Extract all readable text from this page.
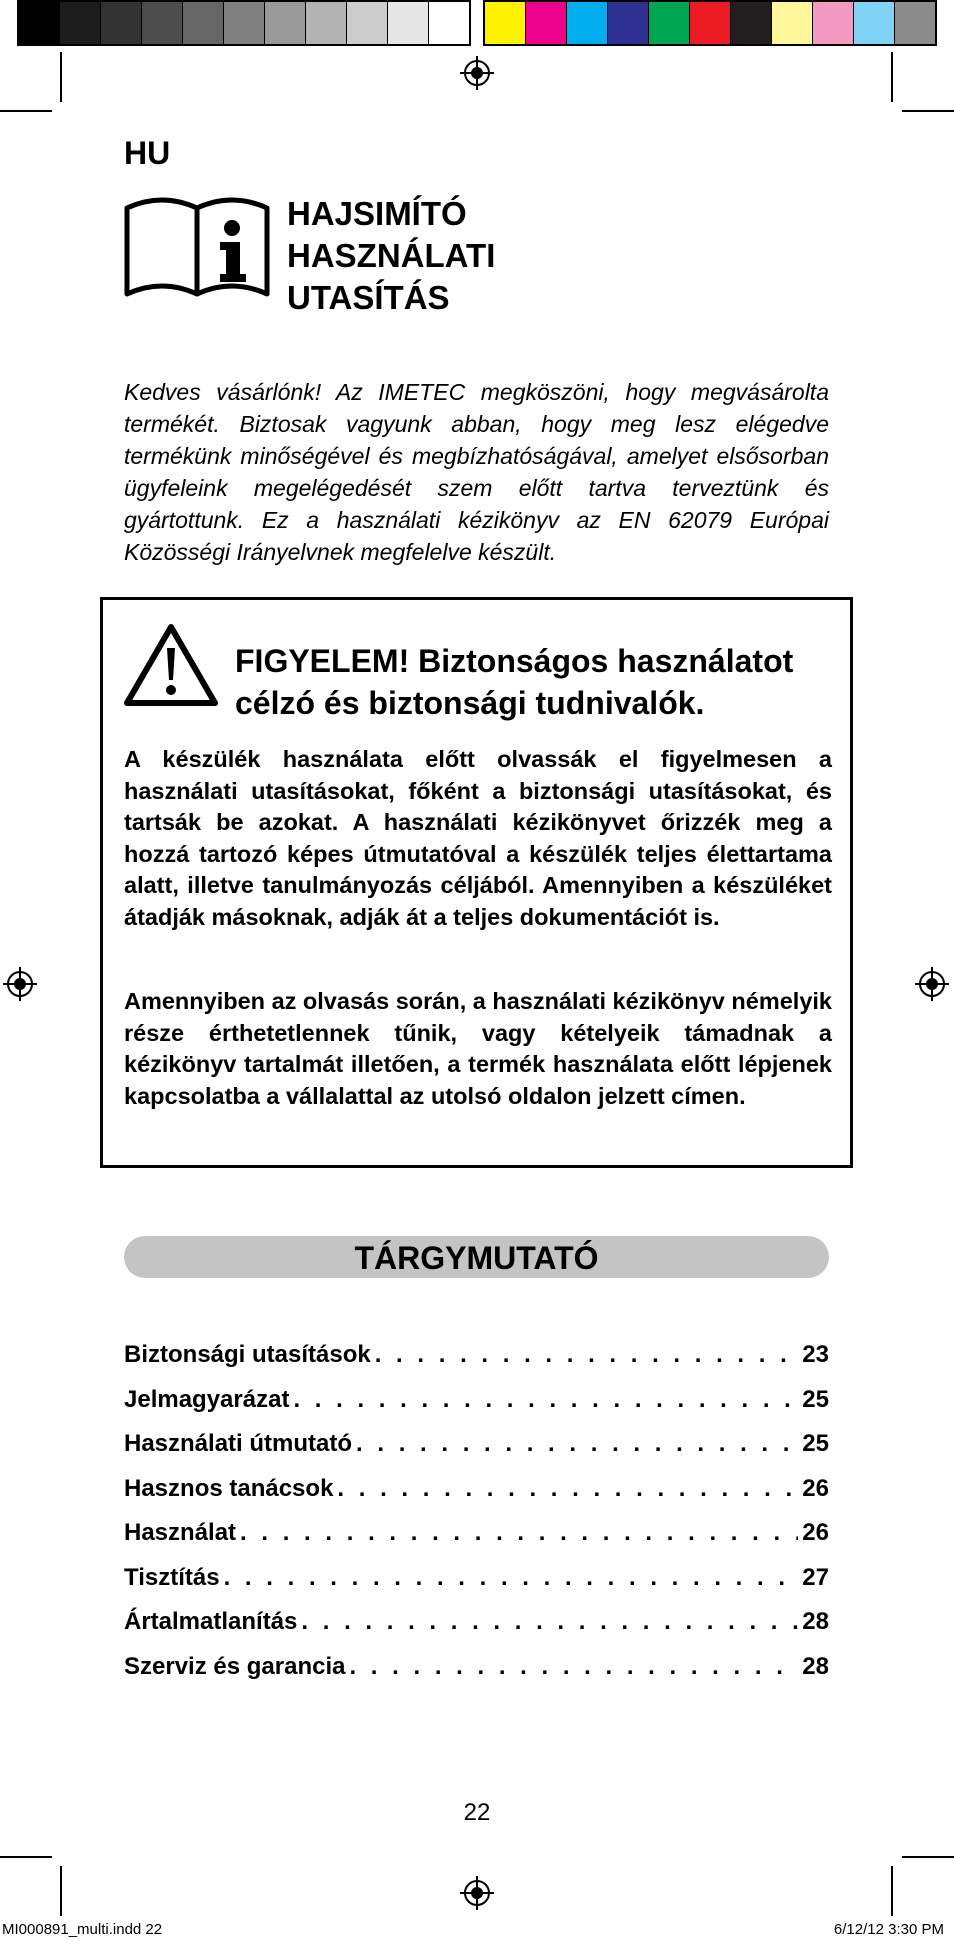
HU
HAJSIMÍTÓ
HASZNÁLATI
UTASÍTÁS
Kedves vásárlónk! Az IMETEC megköszöni, hogy megvásárolta termékét. Biztosak vagyunk abban, hogy meg lesz elégedve termékünk minőségével és megbízhatóságával, amelyet elsősorban ügyfeleink megelégedését szem előtt tartva terveztünk és gyártottunk. Ez a használati kézikönyv az EN 62079 Európai Közösségi Irányelvnek megfelelve készült.
FIGYELEM! Biztonságos használatot célzó és biztonsági tudnivalók.
A készülék használata előtt olvassák el figyelmesen a használati utasításokat, főként a biztonsági utasításokat, és tartsák be azokat. A használati kézikönyvet őrizzék meg a hozzá tartozó képes útmutatóval a készülék teljes élettartama alatt, illetve tanulmányozás céljából. Amennyiben a készüléket átadják másoknak, adják át a teljes dokumentációt is.
Amennyiben az olvasás során, a használati kézikönyv némelyik része érthetetlennek tűnik, vagy kételyeik támadnak a kézikönyv tartalmát illetően, a termék használata előtt lépjenek kapcsolatba a vállalattal az utolsó oldalon jelzett címen.
TÁRGYMUTATÓ
Biztonsági utasítások . . .	23
Jelmagyarázat . . .	25
Használati útmutató . . .	25
Hasznos tanácsok . . .	26
Használat . . .	26
Tisztítás . . .	27
Ártalmatlanítás . . .	28
Szerviz és garancia . . .	28
22
MI000891_multi.indd 22	6/12/12 3:30 PM
